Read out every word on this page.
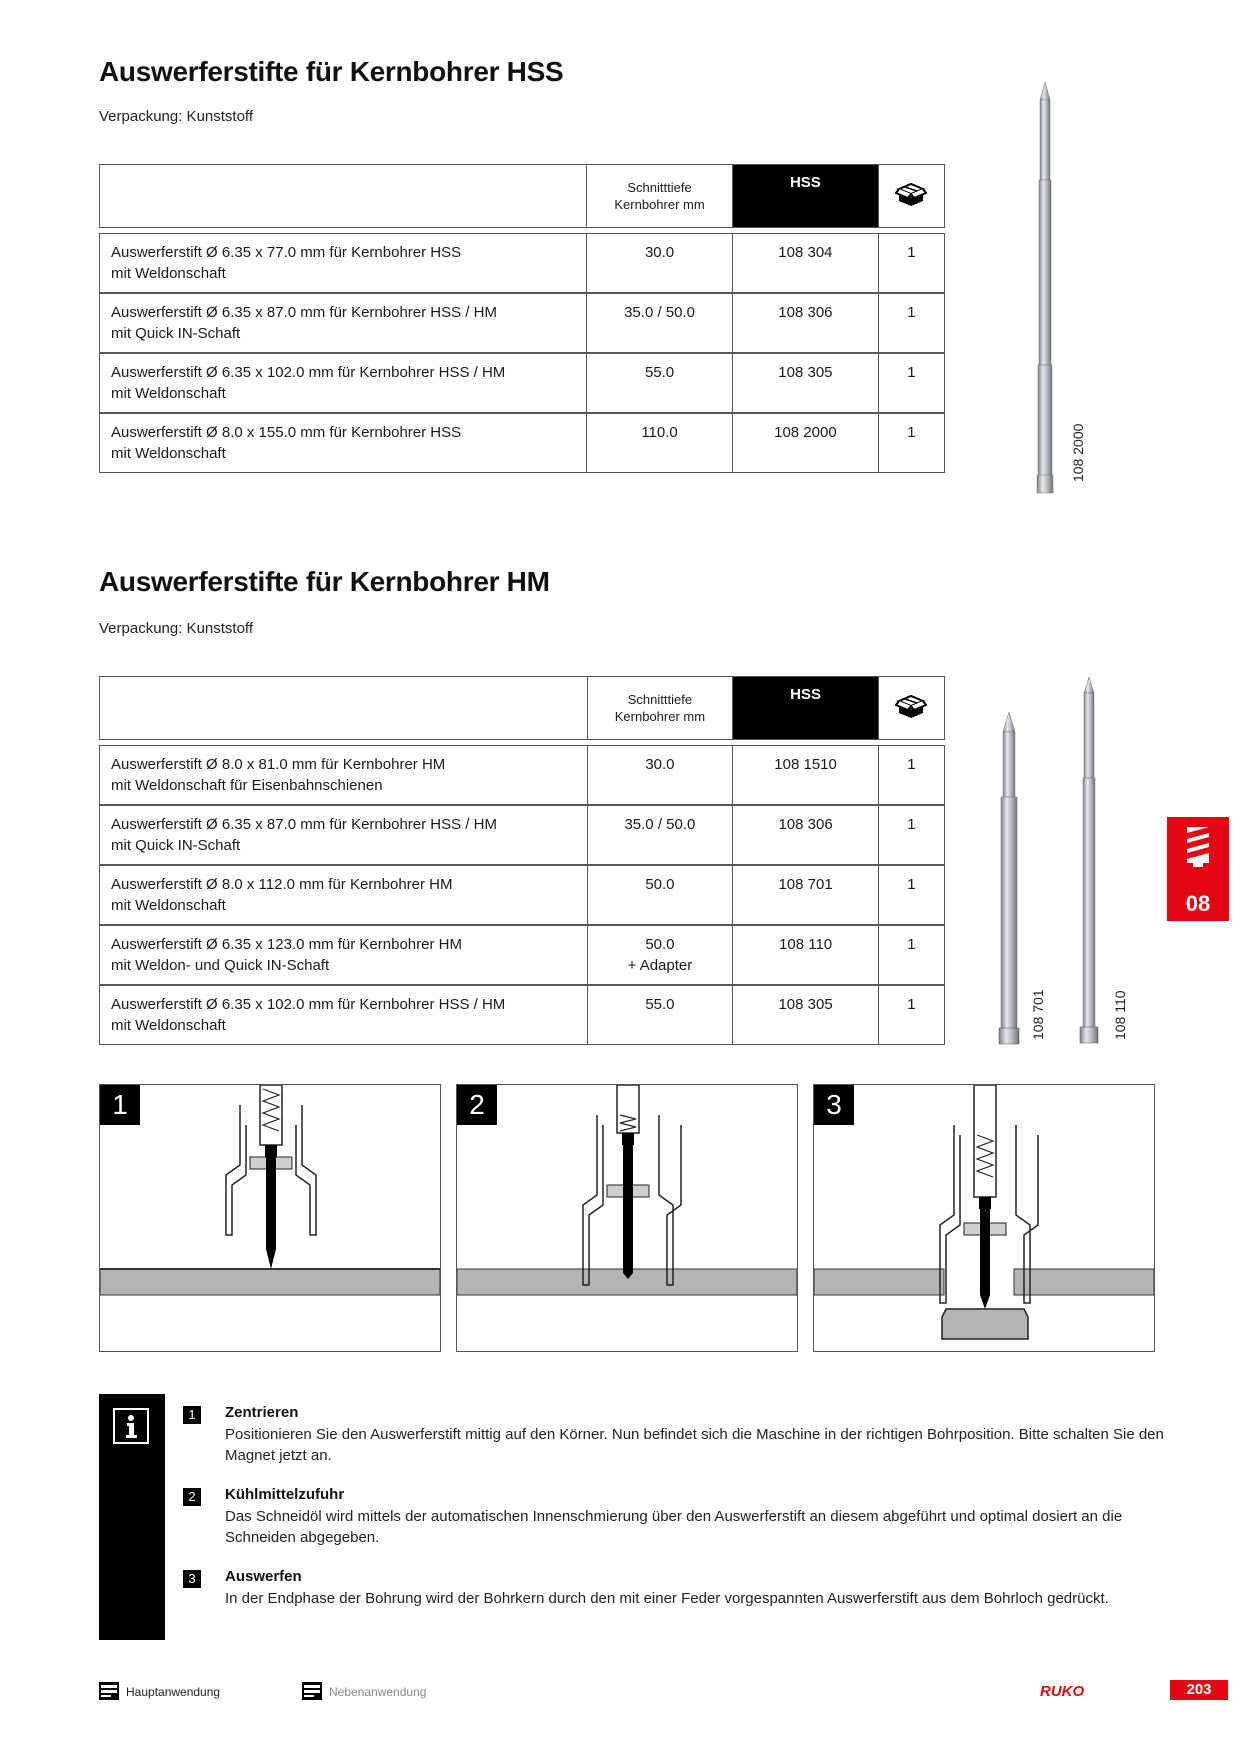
Auswerferstifte für Kernbohrer HSS
Verpackung: Kunststoff
	Schnitttiefe
Kernbohrer mm	HSS	

Auswerferstift Ø 6.35 x 77.0 mm für Kernbohrer HSS
mit Weldonschaft	30.0	108 304	1
Auswerferstift Ø 6.35 x 87.0 mm für Kernbohrer HSS / HM
mit Quick IN-Schaft	35.0 / 50.0	108 306	1
Auswerferstift Ø 6.35 x 102.0 mm für Kernbohrer HSS / HM
mit Weldonschaft	55.0	108 305	1
Auswerferstift Ø 8.0 x 155.0 mm für Kernbohrer HSS
mit Weldonschaft	110.0	108 2000	1	108 2000
Auswerferstifte für Kernbohrer HM
Verpackung: Kunststoff
	Schnitttiefe
Kernbohrer mm	HSS	

Auswerferstift Ø 8.0 x 81.0 mm für Kernbohrer HM
mit Weldonschaft für Eisenbahnschienen	30.0	108 1510	1
Auswerferstift Ø 6.35 x 87.0 mm für Kernbohrer HSS / HM
mit Quick IN-Schaft	35.0 / 50.0	108 306	1
Auswerferstift Ø 8.0 x 112.0 mm für Kernbohrer HM
mit Weldonschaft	50.0	108 701	1
Auswerferstift Ø 6.35 x 123.0 mm für Kernbohrer HM
mit Weldon- und Quick IN-Schaft	50.0
+ Adapter	108 110	1
Auswerferstift Ø 6.35 x 102.0 mm für Kernbohrer HSS / HM
mit Weldonschaft	55.0	108 305	1	108 701	108 110
08
1	2	3
1	Zentrieren
Positionieren Sie den Auswerferstift mittig auf den Körner. Nun befindet sich die Maschine in der richtigen Bohrposition. Bitte schalten Sie den Magnet jetzt an.
2	Kühlmittelzufuhr
Das Schneidöl wird mittels der automatischen Innenschmierung über den Auswerferstift an diesem abgeführt und optimal dosiert an die Schneiden abgegeben.
3	Auswerfen
In der Endphase der Bohrung wird der Bohrkern durch den mit einer Feder vorgespannten Auswerferstift aus dem Bohrloch gedrückt.
Hauptanwendung	Nebenanwendung	RUKO	203
